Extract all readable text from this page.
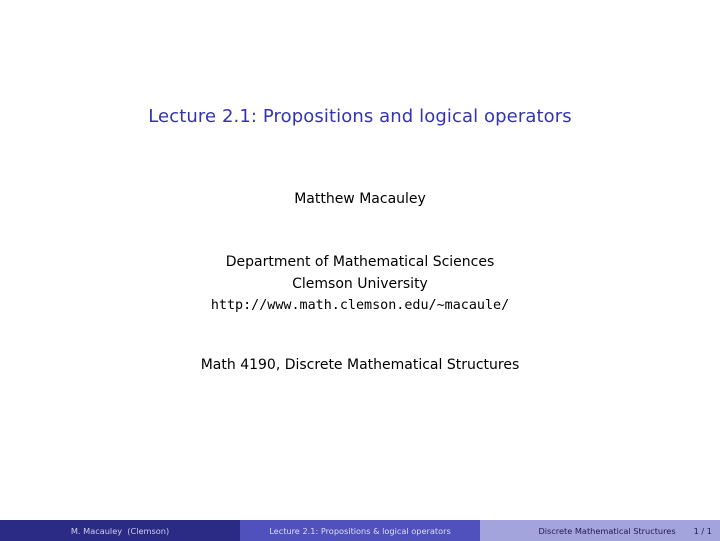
Lecture 2.1: Propositions and logical operators
Matthew Macauley
Department of Mathematical Sciences
Clemson University
http://www.math.clemson.edu/~macaule/
Math 4190, Discrete Mathematical Structures
M. Macauley  (Clemson)	Lecture 2.1: Propositions & logical operators	Discrete Mathematical Structures 1 / 1
